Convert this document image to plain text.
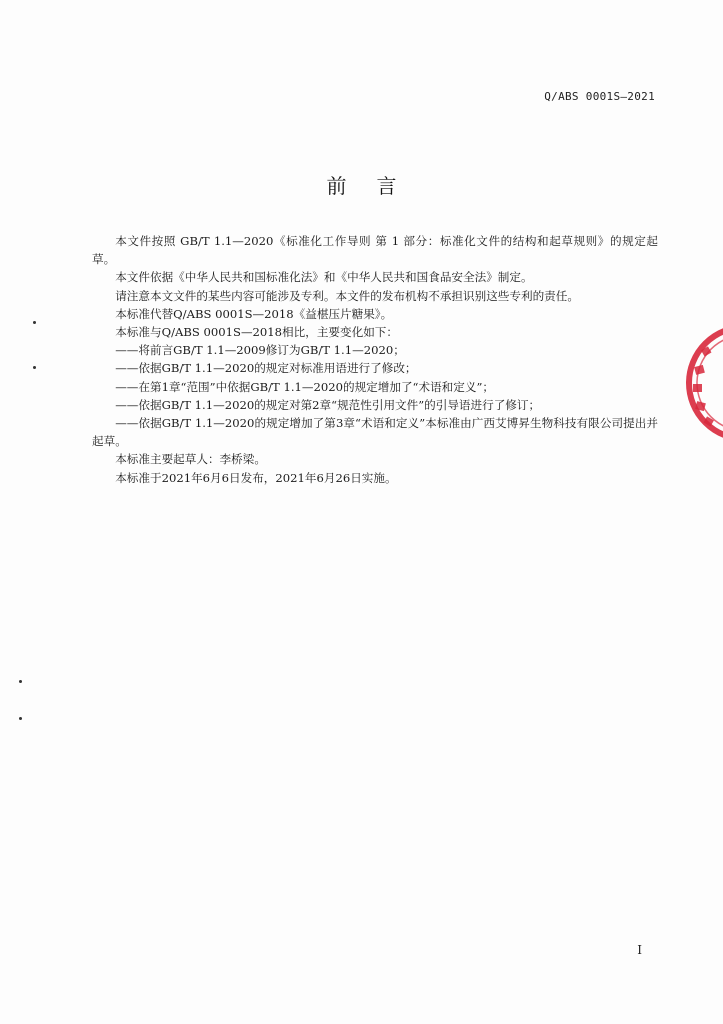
Q/ABS 0001S—2021
前言

本文件按照 GB/T 1.1—2020《标准化工作导则 第 1 部分：标准化文件的结构和起草规则》的规定起草。

本文件依据《中华人民共和国标准化法》和《中华人民共和国食品安全法》制定。

请注意本文文件的某些内容可能涉及专利。本文件的发布机构不承担识别这些专利的责任。

本标准代替Q/ABS 0001S—2018《益椹压片糖果》。

本标准与Q/ABS 0001S—2018相比，主要变化如下：

——将前言GB/T 1.1—2009修订为GB/T 1.1—2020；

——依据GB/T 1.1—2020的规定对标准用语进行了修改；

——在第1章“范围”中依据GB/T 1.1—2020的规定增加了“术语和定义”；

——依据GB/T 1.1—2020的规定对第2章“规范性引用文件”的引导语进行了修订；

——依据GB/T 1.1—2020的规定增加了第3章“术语和定义”本标准由广西艾博昇生物科技有限公司提出并起草。

本标准主要起草人：李桥梁。

本标准于2021年6月6日发布，2021年6月26日实施。

I
